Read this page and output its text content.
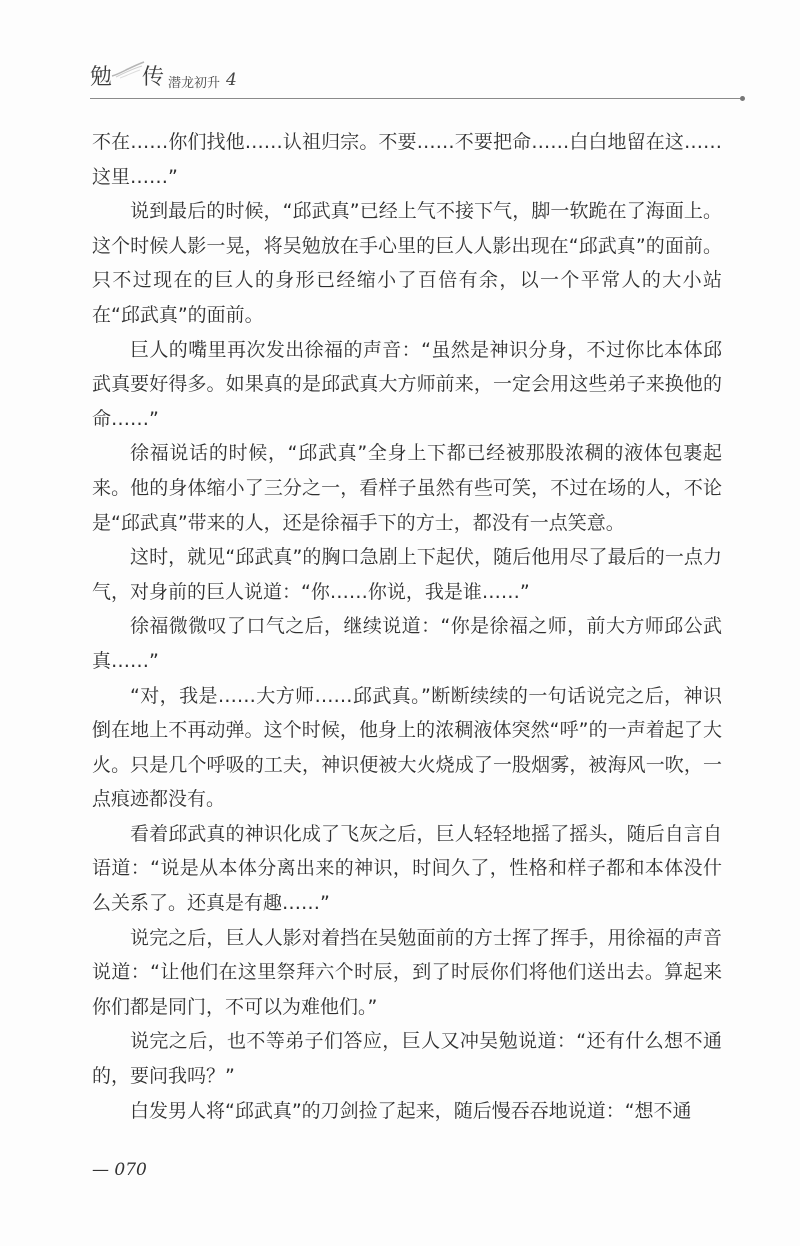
勉 传 潜龙初升 4

不在……你们找他……认祖归宗。不要……不要把命……白白地留在这……这里……”

说到最后的时候，“邱武真”已经上气不接下气，脚一软跪在了海面上。这个时候人影一晃，将吴勉放在手心里的巨人人影出现在“邱武真”的面前。只不过现在的巨人的身形已经缩小了百倍有余，以一个平常人的大小站在“邱武真”的面前。

巨人的嘴里再次发出徐福的声音：“虽然是神识分身，不过你比本体邱武真要好得多。如果真的是邱武真大方师前来，一定会用这些弟子来换他的命……”

徐福说话的时候，“邱武真”全身上下都已经被那股浓稠的液体包裹起来。他的身体缩小了三分之一，看样子虽然有些可笑，不过在场的人，不论是“邱武真”带来的人，还是徐福手下的方士，都没有一点笑意。

这时，就见“邱武真”的胸口急剧上下起伏，随后他用尽了最后的一点力气，对身前的巨人说道：“你……你说，我是谁……”

徐福微微叹了口气之后，继续说道：“你是徐福之师，前大方师邱公武真……”

“对，我是……大方师……邱武真。”断断续续的一句话说完之后，神识倒在地上不再动弹。这个时候，他身上的浓稠液体突然“呼”的一声着起了大火。只是几个呼吸的工夫，神识便被大火烧成了一股烟雾，被海风一吹，一点痕迹都没有。

看着邱武真的神识化成了飞灰之后，巨人轻轻地摇了摇头，随后自言自语道：“说是从本体分离出来的神识，时间久了，性格和样子都和本体没什么关系了。还真是有趣……”

说完之后，巨人人影对着挡在吴勉面前的方士挥了挥手，用徐福的声音说道：“让他们在这里祭拜六个时辰，到了时辰你们将他们送出去。算起来你们都是同门，不可以为难他们。”

说完之后，也不等弟子们答应，巨人又冲吴勉说道：“还有什么想不通的，要问我吗？”

白发男人将“邱武真”的刀剑捡了起来，随后慢吞吞地说道：“想不通

— 070
